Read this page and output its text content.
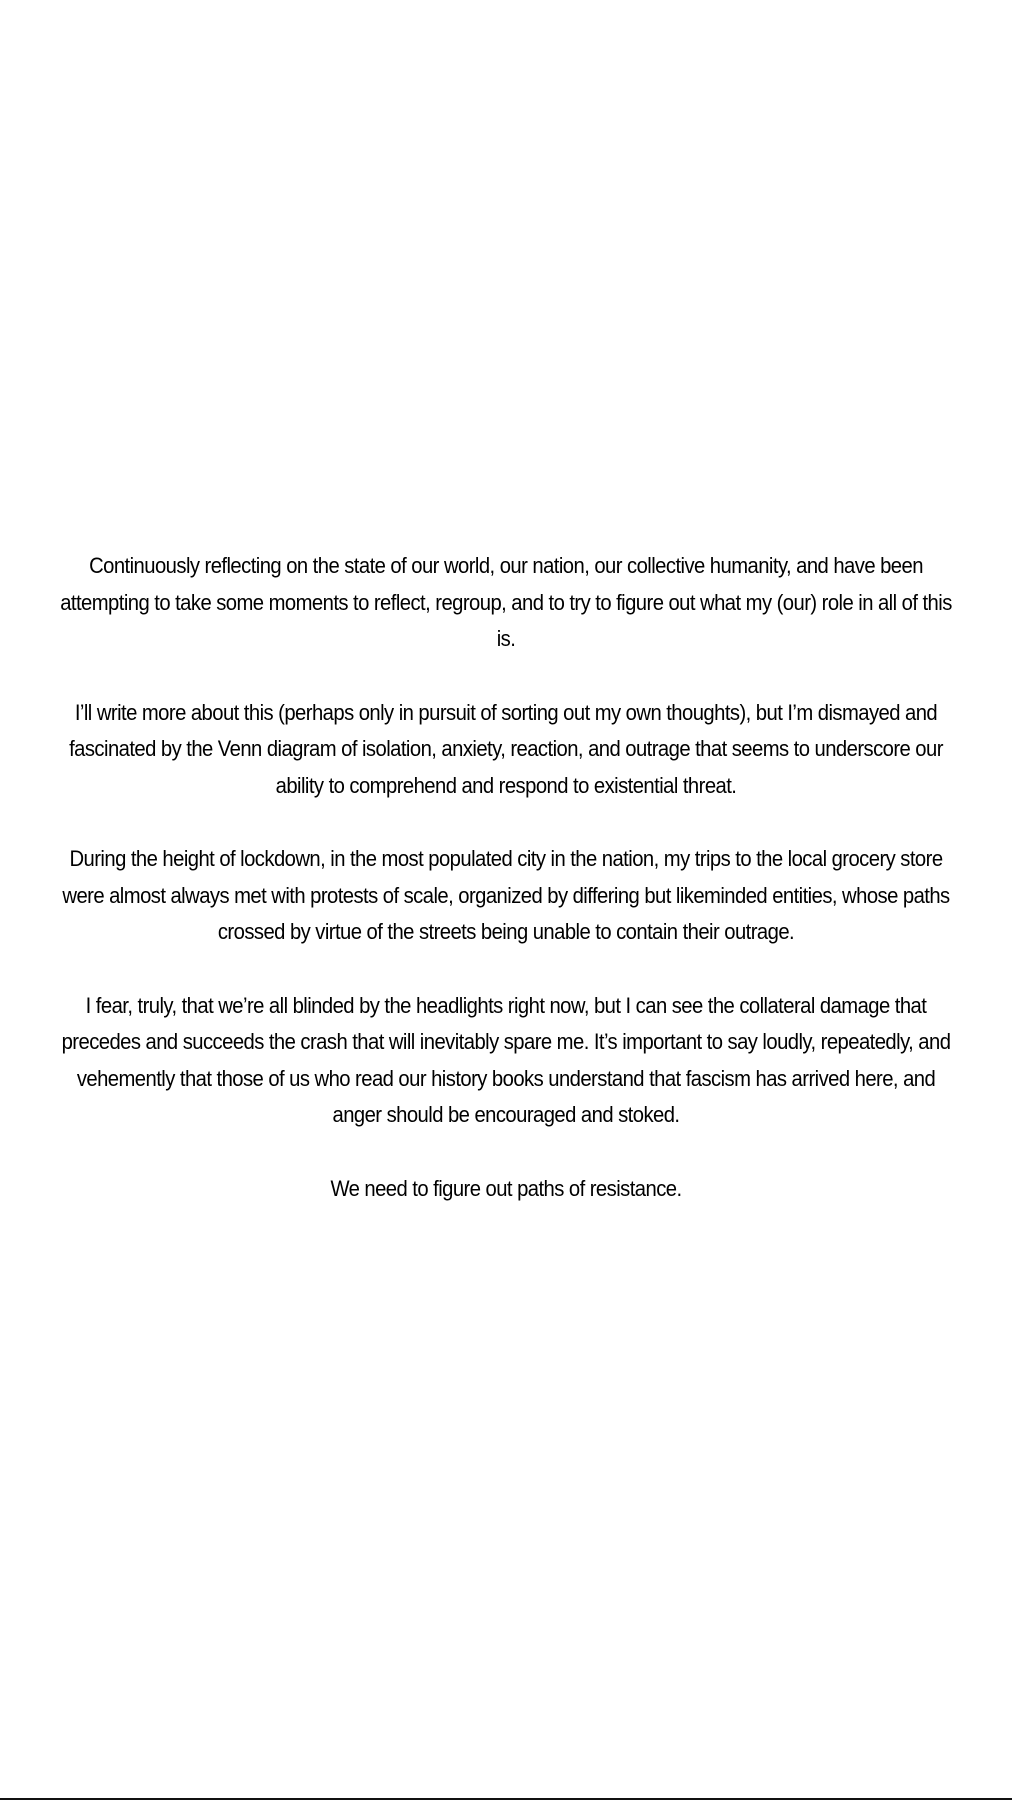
Continuously reflecting on the state of our world, our nation, our collective humanity, and have been attempting to take some moments to reflect, regroup, and to try to figure out what my (our) role in all of this is.

I’ll write more about this (perhaps only in pursuit of sorting out my own thoughts), but I’m dismayed and fascinated by the Venn diagram of isolation, anxiety, reaction, and outrage that seems to underscore our ability to comprehend and respond to existential threat.

During the height of lockdown, in the most populated city in the nation, my trips to the local grocery store were almost always met with protests of scale, organized by differing but likeminded entities, whose paths crossed by virtue of the streets being unable to contain their outrage.

I fear, truly, that we’re all blinded by the headlights right now, but I can see the collateral damage that precedes and succeeds the crash that will inevitably spare me. It’s important to say loudly, repeatedly, and vehemently that those of us who read our history books understand that fascism has arrived here, and anger should be encouraged and stoked.

We need to figure out paths of resistance.
